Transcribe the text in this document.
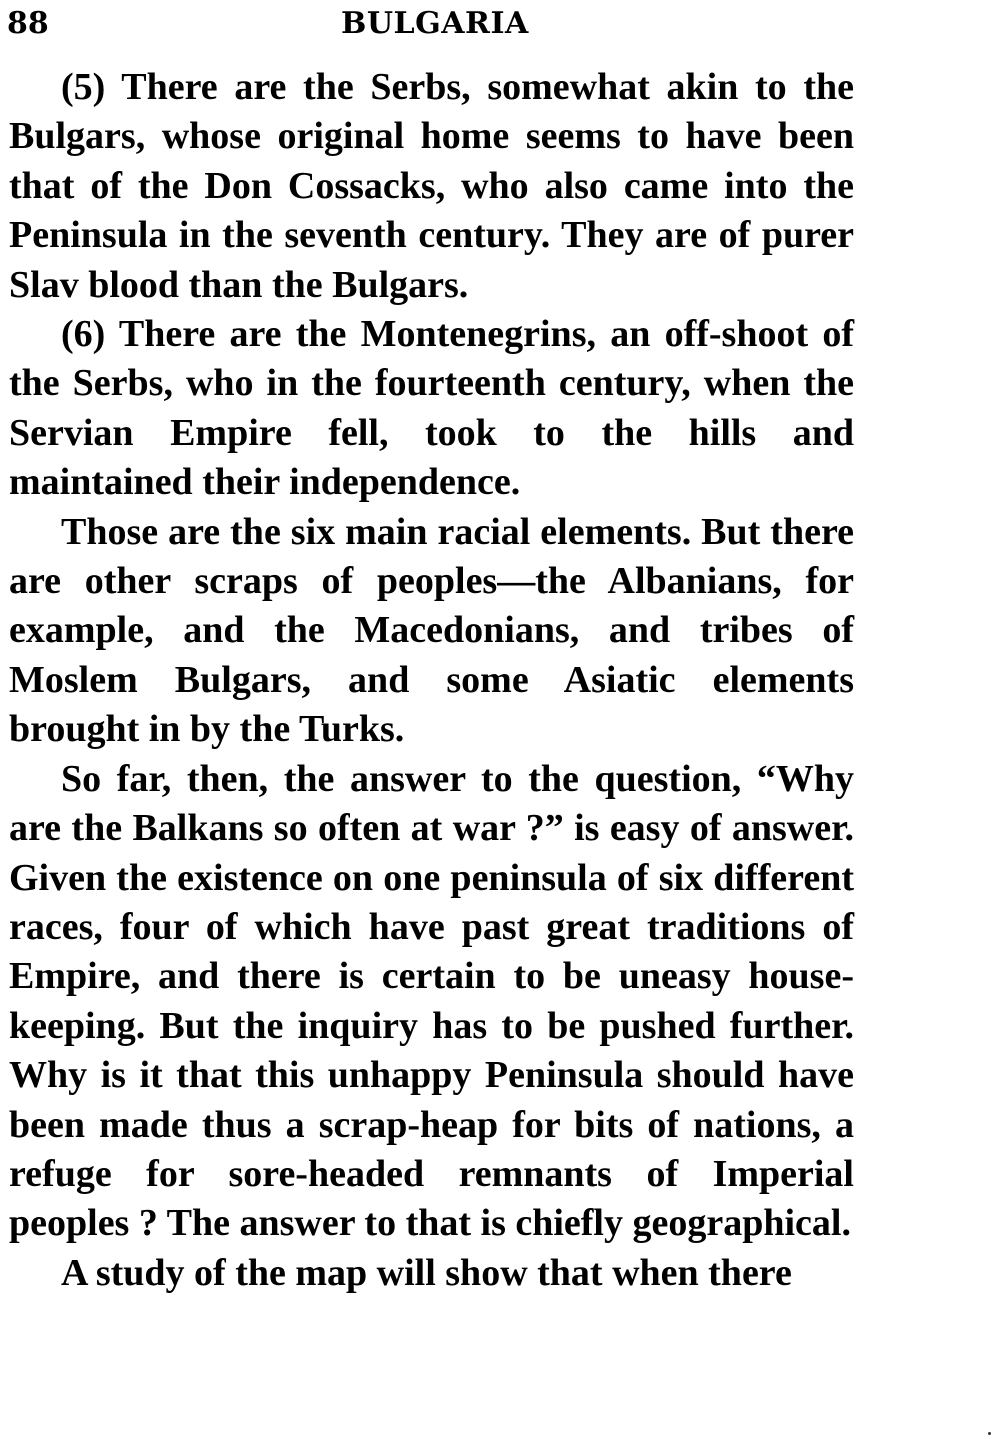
88	BULGARIA

(5) There are the Serbs, somewhat akin to the Bulgars, whose original home seems to have been that of the Don Cossacks, who also came into the Peninsula in the seventh century. They are of purer Slav blood than the Bulgars.

(6) There are the Montenegrins, an off-shoot of the Serbs, who in the fourteenth century, when the Servian Empire fell, took to the hills and maintained their independence.

Those are the six main racial elements. But there are other scraps of peoples—the Albanians, for example, and the Macedonians, and tribes of Moslem Bulgars, and some Asiatic elements brought in by the Turks.

So far, then, the answer to the question, “Why are the Balkans so often at war ?” is easy of answer. Given the existence on one peninsula of six different races, four of which have past great traditions of Empire, and there is certain to be uneasy house-keeping. But the inquiry has to be pushed further. Why is it that this unhappy Peninsula should have been made thus a scrap-heap for bits of nations, a refuge for sore-headed remnants of Imperial peoples ? The answer to that is chiefly geographical.

A study of the map will show that when there
